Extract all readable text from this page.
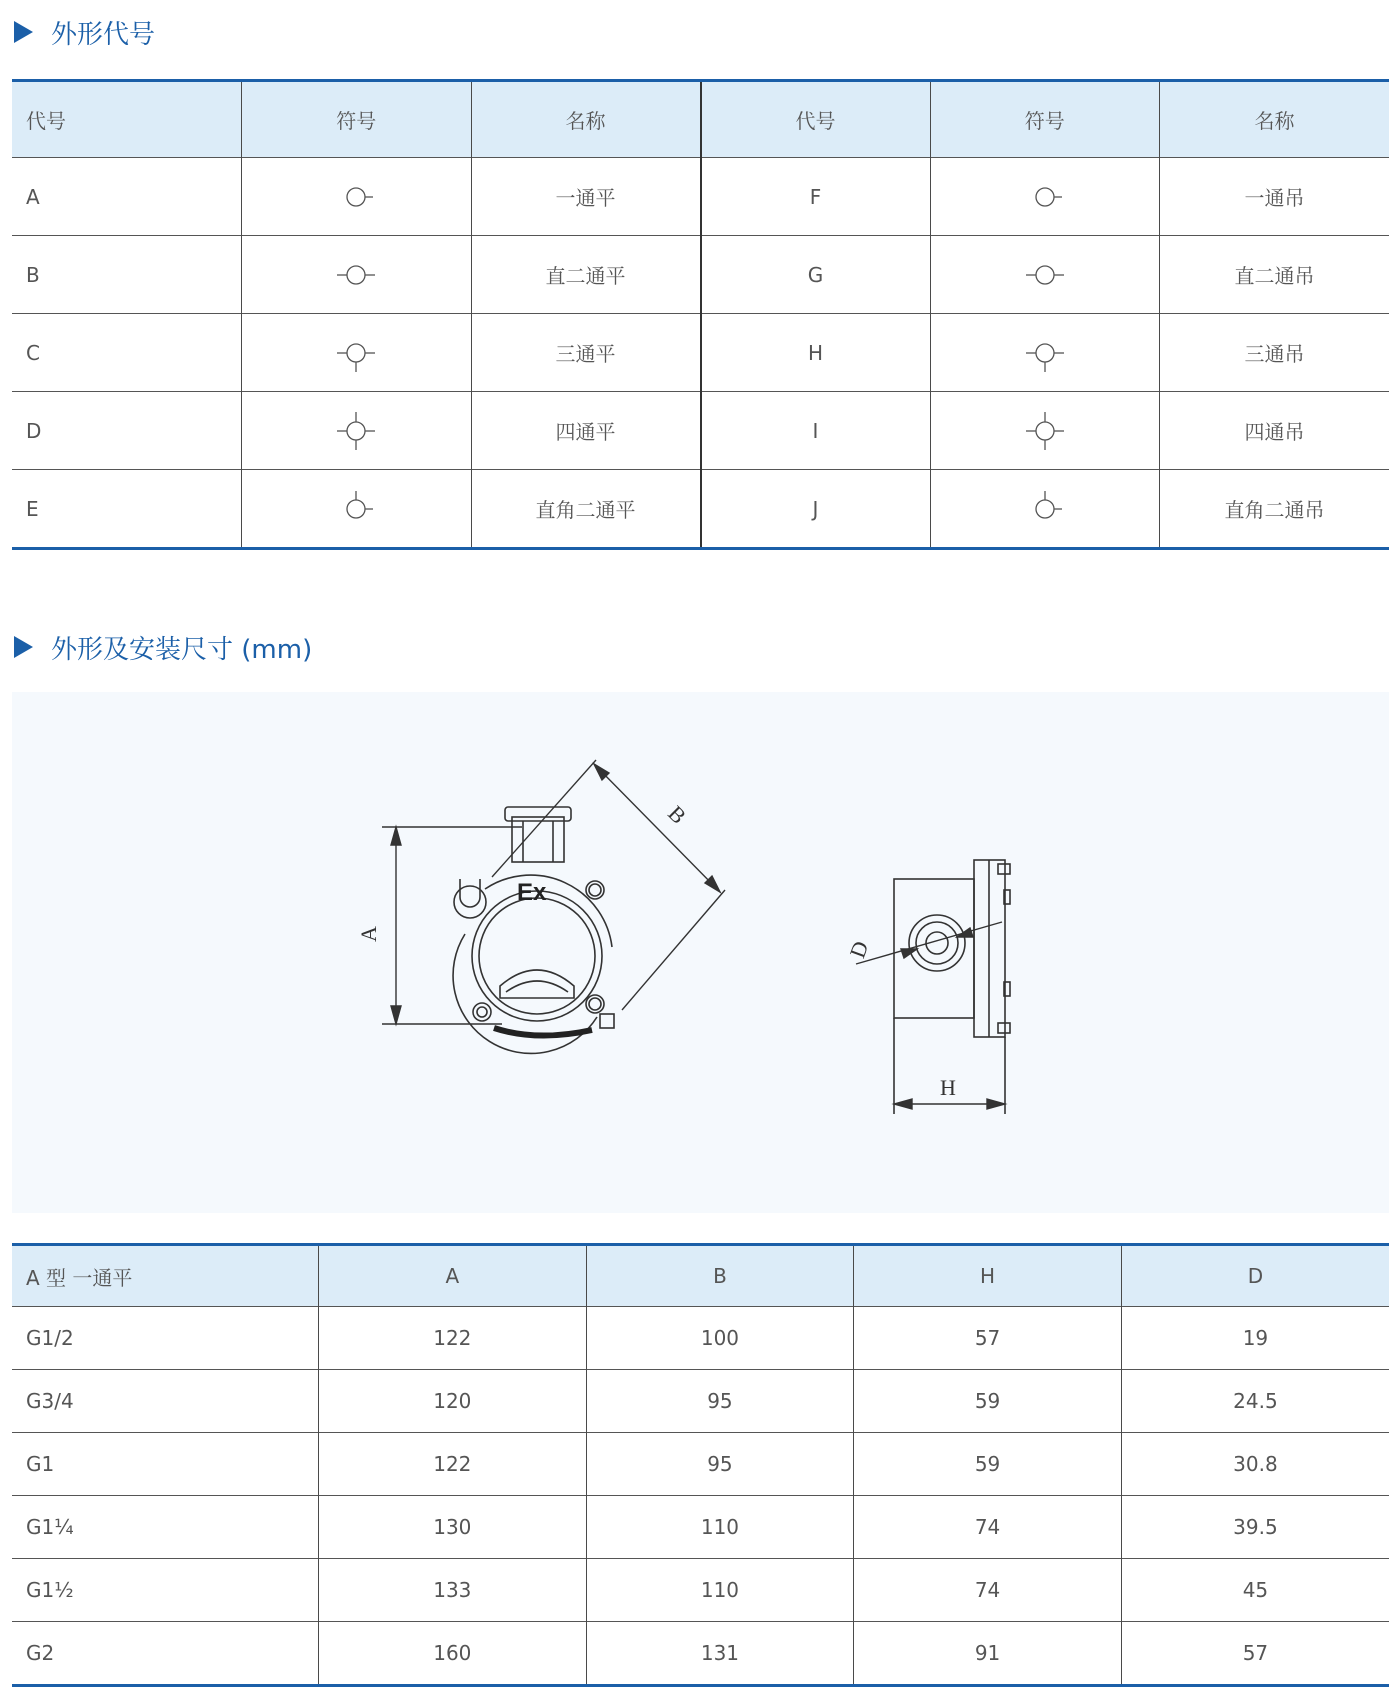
外形代号
代号	符号	名称	代号	符号	名称
A		一通平	F		一通吊
B		直二通平	G		直二通吊
C		三通平	H		三通吊
D		四通平	I		四通吊
E		直角二通平	J		直角二通吊
外形及安装尺寸 (mm)
Ex
A
B
D
H
A 型 一通平	A	B	H	D
G1/2	122	100	57	19
G3/4	120	95	59	24.5
G1	122	95	59	30.8
G1¼	130	110	74	39.5
G1½	133	110	74	45
G2	160	131	91	57
